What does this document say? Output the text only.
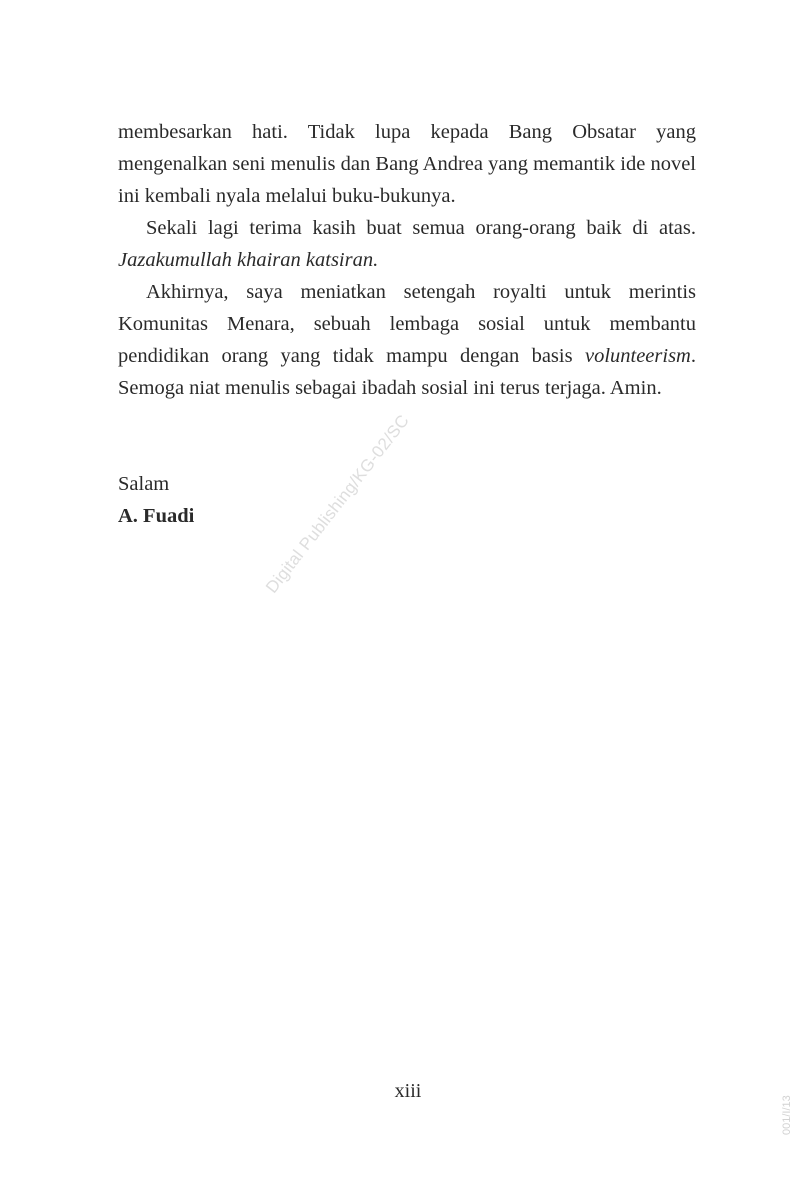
membesarkan hati. Tidak lupa kepada Bang Obsatar yang mengenalkan seni menulis dan Bang Andrea yang memantik ide novel ini kembali nyala melalui buku-bukunya.

Sekali lagi terima kasih buat semua orang-orang baik di atas. Jazakumullah khairan katsiran.

Akhirnya, saya meniatkan setengah royalti untuk merintis Komunitas Menara, sebuah lembaga sosial untuk membantu pendidikan orang yang tidak mampu dengan basis volunteerism. Semoga niat menulis sebagai ibadah sosial ini terus terjaga. Amin.

Salam
A. Fuadi	Digital Publishing/KG-02/SC
xiii
001/I/13
